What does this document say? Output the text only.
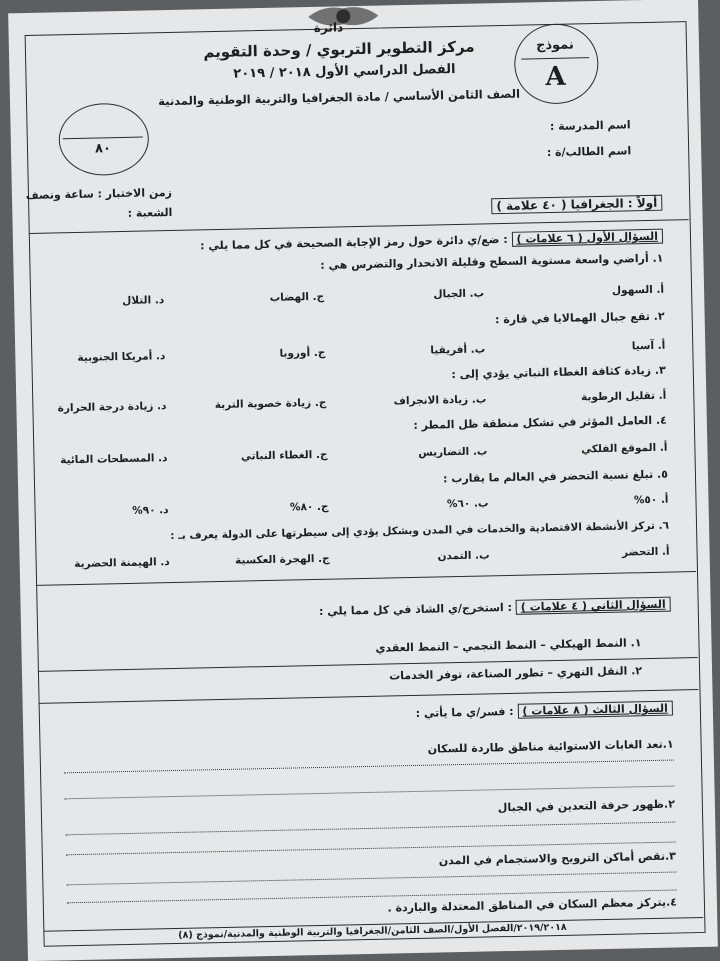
دائرة
مركز التطوير التربوي / وحدة التقويم
الفصل الدراسي الأول ٢٠١٨ / ٢٠١٩
الصف الثامن الأساسي / مادة الجغرافيا والتربية الوطنية والمدنية
نموذج
A
٨٠
اسم المدرسة :
اسم الطالب/ة :
زمن الاختبار : ساعة ونصف
الشعبة :	أولاً : الجغرافيا ( ٤٠ علامة )
السؤال الأول ( ٦ علامات ) : ضع/ي دائرة حول رمز الإجابة الصحيحة في كل مما يلي :
١. أراضي واسعة مستوية السطح وقليلة الانحدار والتضرس هي :
أ. السهول
ب. الجبال
ج. الهضاب
د. التلال
٢. تقع جبال الهمالايا في قارة :
أ. آسيا
ب. أفريقيا
ج. أوروبا
د. أمريكا الجنوبية
٣. زيادة كثافة الغطاء النباتي يؤدي إلى :
أ. تقليل الرطوبة
ب. زيادة الانجراف
ج. زيادة خصوبة التربة
د. زيادة درجة الحرارة
٤. العامل المؤثر في تشكل منطقة ظل المطر :
أ. الموقع الفلكي
ب. التضاريس
ج. الغطاء النباتي
د. المسطحات المائية
٥. تبلغ نسبة التحضر في العالم ما يقارب :
أ. ٥٠%
ب. ٦٠%
ج. ٨٠%
د. ٩٠%
٦. تركز الأنشطة الاقتصادية والخدمات في المدن وبشكل يؤدي إلى سيطرتها على الدولة يعرف بـ :
أ. التحضر
ب. التمدن
ج. الهجرة العكسية
د. الهيمنة الحضرية
السؤال الثاني ( ٤ علامات ) : استخرج/ي الشاذ في كل مما يلي :
١. النمط الهيكلي – النمط النجمي – النمط العقدي
٢. النقل النهري – تطور الصناعة، توفر الخدمات
السؤال الثالث ( ٨ علامات ) : فسر/ي ما يأتي :
١.تعد الغابات الاستوائية مناطق طاردة للسكان
٢.ظهور حرفة التعدين في الجبال
٣.نقص أماكن الترويح والاستجمام في المدن
٤.يتركز معظم السكان في المناطق المعتدلة والباردة .
٢٠١٩/٢٠١٨/الفصل الأول/الصف الثامن/الجغرافيا والتربية الوطنية والمدنية/نموذج (٨)
